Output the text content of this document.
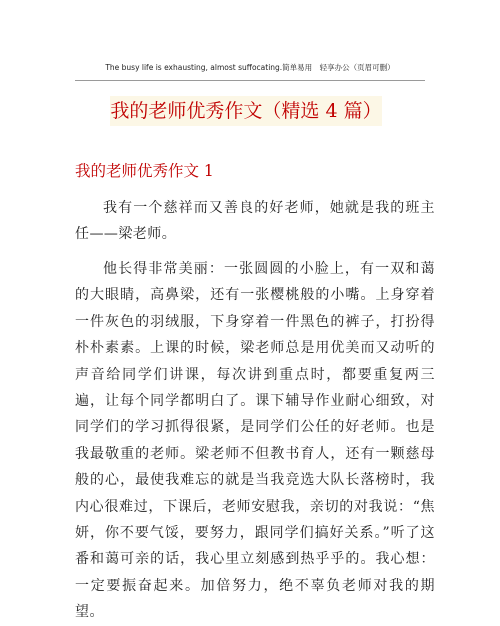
The busy life is exhausting, almost suffocating.简单易用　轻享办公（页眉可删）
我的老师优秀作文（精选 4 篇）
我的老师优秀作文 1

我有一个慈祥而又善良的好老师，她就是我的班主任——梁老师。

他长得非常美丽：一张圆圆的小脸上，有一双和蔼的大眼睛，高鼻梁，还有一张樱桃般的小嘴。上身穿着一件灰色的羽绒服，下身穿着一件黑色的裤子，打扮得朴朴素素。上课的时候，梁老师总是用优美而又动听的声音给同学们讲课，每次讲到重点时，都要重复两三遍，让每个同学都明白了。课下辅导作业耐心细致，对同学们的学习抓得很紧，是同学们公任的好老师。也是我最敬重的老师。梁老师不但教书育人，还有一颗慈母般的心，最使我难忘的就是当我竞选大队长落榜时，我内心很难过，下课后，老师安慰我，亲切的对我说：“焦妍，你不要气馁，要努力，跟同学们搞好关系。”听了这番和蔼可亲的话，我心里立刻感到热乎乎的。我心想：一定要振奋起来。加倍努力，绝不辜负老师对我的期望。
